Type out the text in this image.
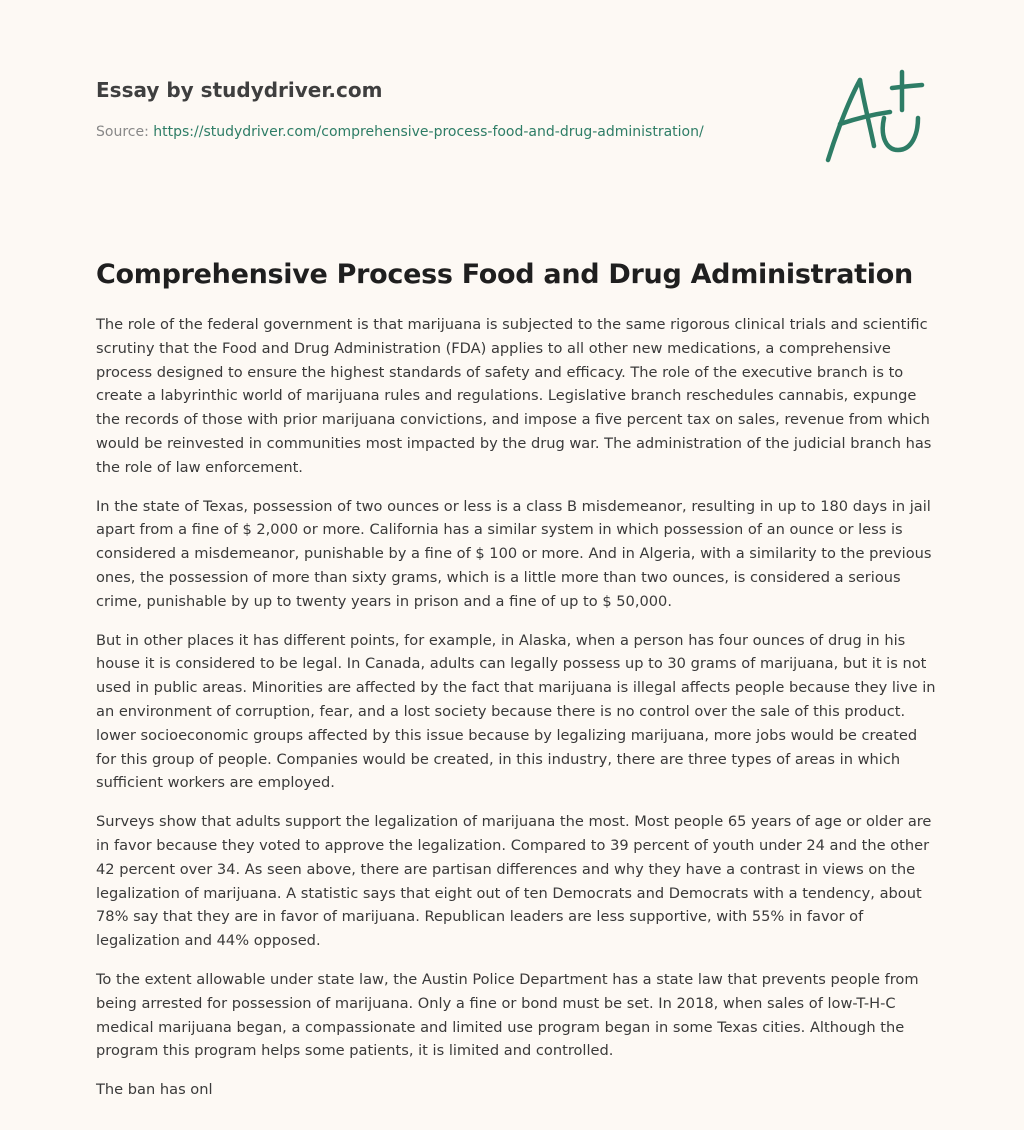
Essay by studydriver.com
Source: https://studydriver.com/comprehensive-process-food-and-drug-administration/
Comprehensive Process Food and Drug Administration

The role of the federal government is that marijuana is subjected to the same rigorous clinical trials and scientific scrutiny that the Food and Drug Administration (FDA) applies to all other new medications, a comprehensive process designed to ensure the highest standards of safety and efficacy. The role of the executive branch is to create a labyrinthic world of marijuana rules and regulations. Legislative branch reschedules cannabis, expunge the records of those with prior marijuana convictions, and impose a five percent tax on sales, revenue from which would be reinvested in communities most impacted by the drug war. The administration of the judicial branch has the role of law enforcement.

In the state of Texas, possession of two ounces or less is a class B misdemeanor, resulting in up to 180 days in jail apart from a fine of $ 2,000 or more. California has a similar system in which possession of an ounce or less is considered a misdemeanor, punishable by a fine of $ 100 or more. And in Algeria, with a similarity to the previous ones, the possession of more than sixty grams, which is a little more than two ounces, is considered a serious crime, punishable by up to twenty years in prison and a fine of up to $ 50,000.

But in other places it has different points, for example, in Alaska, when a person has four ounces of drug in his house it is considered to be legal. In Canada, adults can legally possess up to 30 grams of marijuana, but it is not used in public areas. Minorities are affected by the fact that marijuana is illegal affects people because they live in an environment of corruption, fear, and a lost society because there is no control over the sale of this product. lower socioeconomic groups affected by this issue because by legalizing marijuana, more jobs would be created for this group of people. Companies would be created, in this industry, there are three types of areas in which sufficient workers are employed.

Surveys show that adults support the legalization of marijuana the most. Most people 65 years of age or older are in favor because they voted to approve the legalization. Compared to 39 percent of youth under 24 and the other 42 percent over 34. As seen above, there are partisan differences and why they have a contrast in views on the legalization of marijuana. A statistic says that eight out of ten Democrats and Democrats with a tendency, about 78% say that they are in favor of marijuana. Republican leaders are less supportive, with 55% in favor of legalization and 44% opposed.

To the extent allowable under state law, the Austin Police Department has a state law that prevents people from being arrested for possession of marijuana. Only a fine or bond must be set. In 2018, when sales of low-T-H-C medical marijuana began, a compassionate and limited use program began in some Texas cities. Although the program this program helps some patients, it is limited and controlled.

The ban has onl
